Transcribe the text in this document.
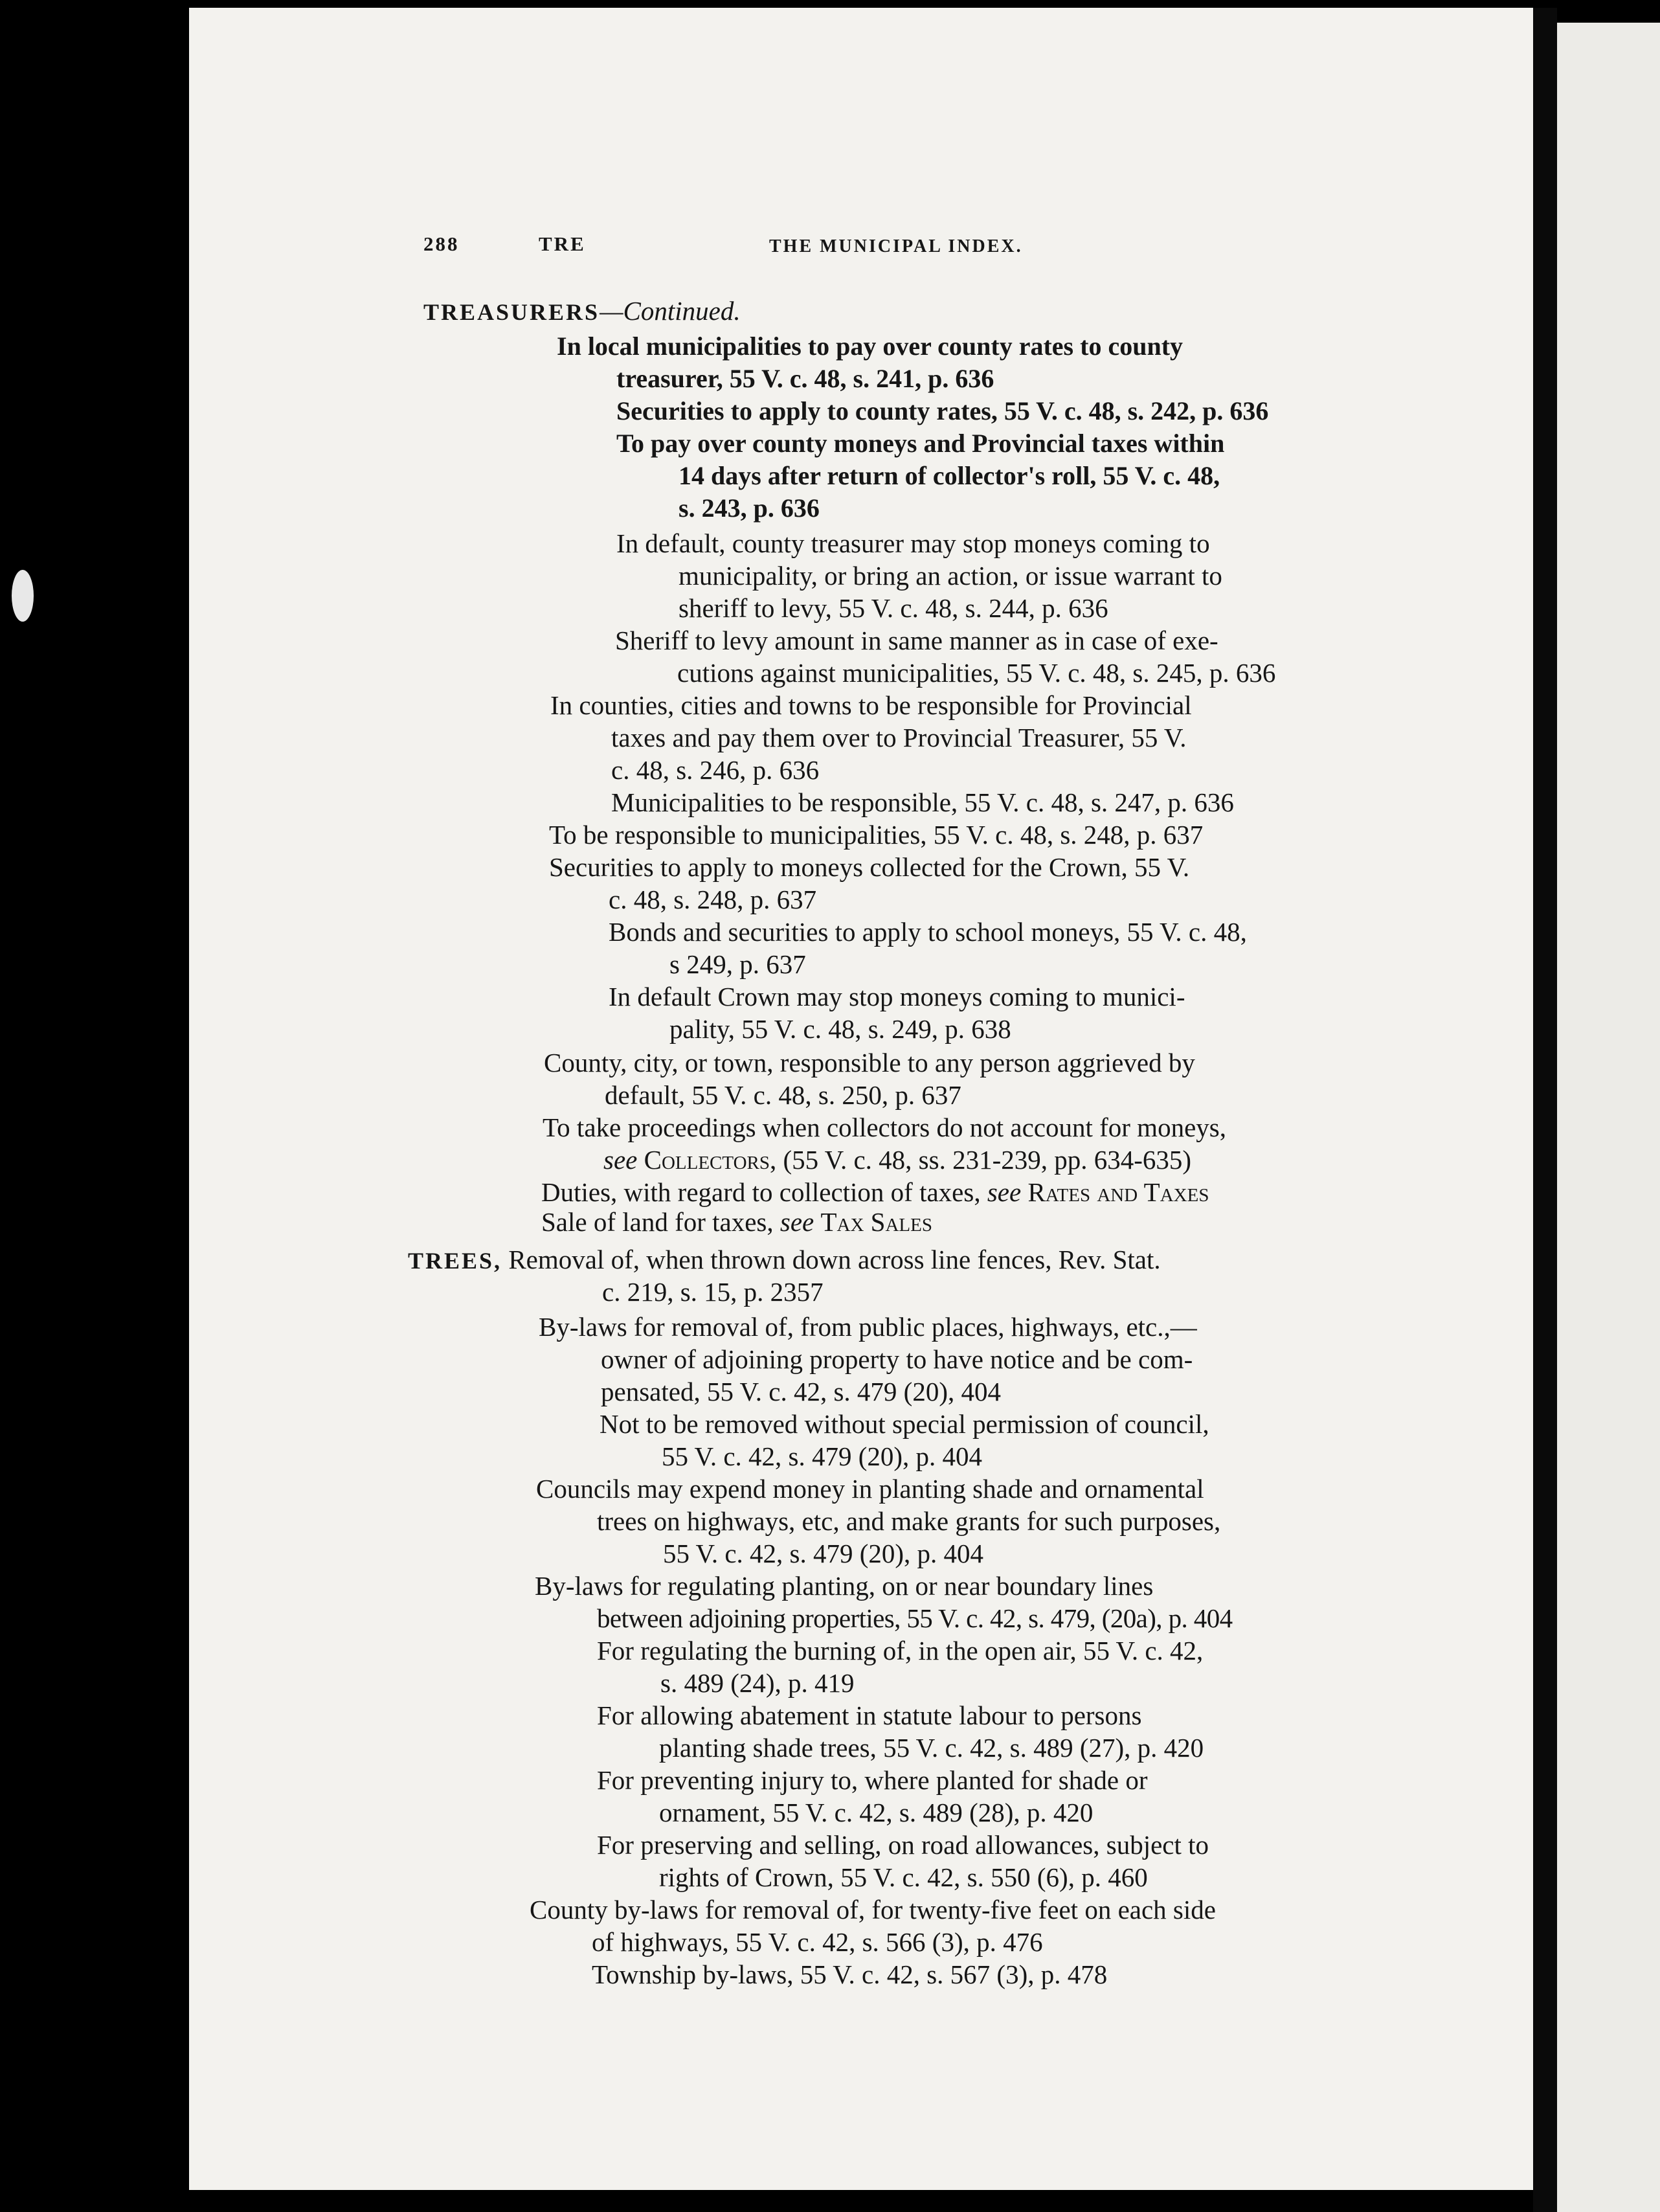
288	TRE	THE MUNICIPAL INDEX.
TREASURERS—Continued.
In local municipalities to pay over county rates to county
treasurer, 55 V. c. 48, s. 241, p. 636
Securities to apply to county rates, 55 V. c. 48, s. 242, p. 636
To pay over county moneys and Provincial taxes within
14 days after return of collector's roll, 55 V. c. 48,
s. 243, p. 636
In default, county treasurer may stop moneys coming to
municipality, or bring an action, or issue warrant to
sheriff to levy, 55 V. c. 48, s. 244, p. 636
Sheriff to levy amount in same manner as in case of exe-
cutions against municipalities, 55 V. c. 48, s. 245, p. 636
In counties, cities and towns to be responsible for Provincial
taxes and pay them over to Provincial Treasurer, 55 V.
c. 48, s. 246, p. 636
Municipalities to be responsible, 55 V. c. 48, s. 247, p. 636
To be responsible to municipalities, 55 V. c. 48, s. 248, p. 637
Securities to apply to moneys collected for the Crown, 55 V.
c. 48, s. 248, p. 637
Bonds and securities to apply to school moneys, 55 V. c. 48,
s 249, p. 637
In default Crown may stop moneys coming to munici-
pality, 55 V. c. 48, s. 249, p. 638
County, city, or town, responsible to any person aggrieved by
default, 55 V. c. 48, s. 250, p. 637
To take proceedings when collectors do not account for moneys,
see Collectors, (55 V. c. 48, ss. 231-239, pp. 634-635)
Duties, with regard to collection of taxes, see Rates and Taxes
Sale of land for taxes, see Tax Sales
TREES, Removal of, when thrown down across line fences, Rev. Stat.
c. 219, s. 15, p. 2357
By-laws for removal of, from public places, highways, etc.,—
owner of adjoining property to have notice and be com-
pensated, 55 V. c. 42, s. 479 (20), 404
Not to be removed without special permission of council,
55 V. c. 42, s. 479 (20), p. 404
Councils may expend money in planting shade and ornamental
trees on highways, etc, and make grants for such purposes,
55 V. c. 42, s. 479 (20), p. 404
By-laws for regulating planting, on or near boundary lines
between adjoining properties, 55 V. c. 42, s. 479, (20a), p. 404
For regulating the burning of, in the open air, 55 V. c. 42,
s. 489 (24), p. 419
For allowing abatement in statute labour to persons
planting shade trees, 55 V. c. 42, s. 489 (27), p. 420
For preventing injury to, where planted for shade or
ornament, 55 V. c. 42, s. 489 (28), p. 420
For preserving and selling, on road allowances, subject to
rights of Crown, 55 V. c. 42, s. 550 (6), p. 460
County by-laws for removal of, for twenty-five feet on each side
of highways, 55 V. c. 42, s. 566 (3), p. 476
Township by-laws, 55 V. c. 42, s. 567 (3), p. 478
